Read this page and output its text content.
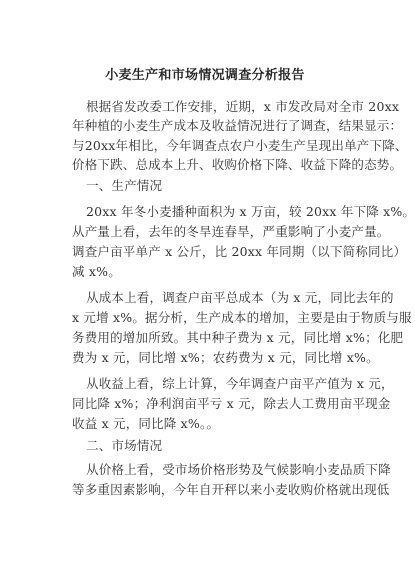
小麦生产和市场情况调查分析报告
根据省发改委工作安排，近期，x 市发改局对全市 20xx
年种植的小麦生产成本及收益情况进行了调查，结果显示：
与20xx年相比，今年调查点农户小麦生产呈现出单产下降、
价格下跌、总成本上升、收购价格下降、收益下降的态势。
一、生产情况
20xx 年冬小麦播种面积为 x 万亩，较 20xx 年下降 x%。
从产量上看，去年的冬旱连春旱，严重影响了小麦产量。
调查户亩平单产 x 公斤，比 20xx 年同期（以下简称同比）
减 x%。
从成本上看，调查户亩平总成本（为 x 元，同比去年的
x 元增 x%。据分析，生产成本的增加，主要是由于物质与服
务费用的增加所致。其中种子费为 x 元，同比增 x%；化肥
费为 x 元，同比增 x%；农药费为 x 元，同比增 x%。
从收益上看，综上计算，今年调查户亩平产值为 x 元，
同比降 x%；净利润亩平亏 x 元，除去人工费用亩平现金
收益 x 元，同比降 x%。。
二、市场情况
从价格上看，受市场价格形势及气候影响小麦品质下降
等多重因素影响，今年自开秤以来小麦收购价格就出现低
